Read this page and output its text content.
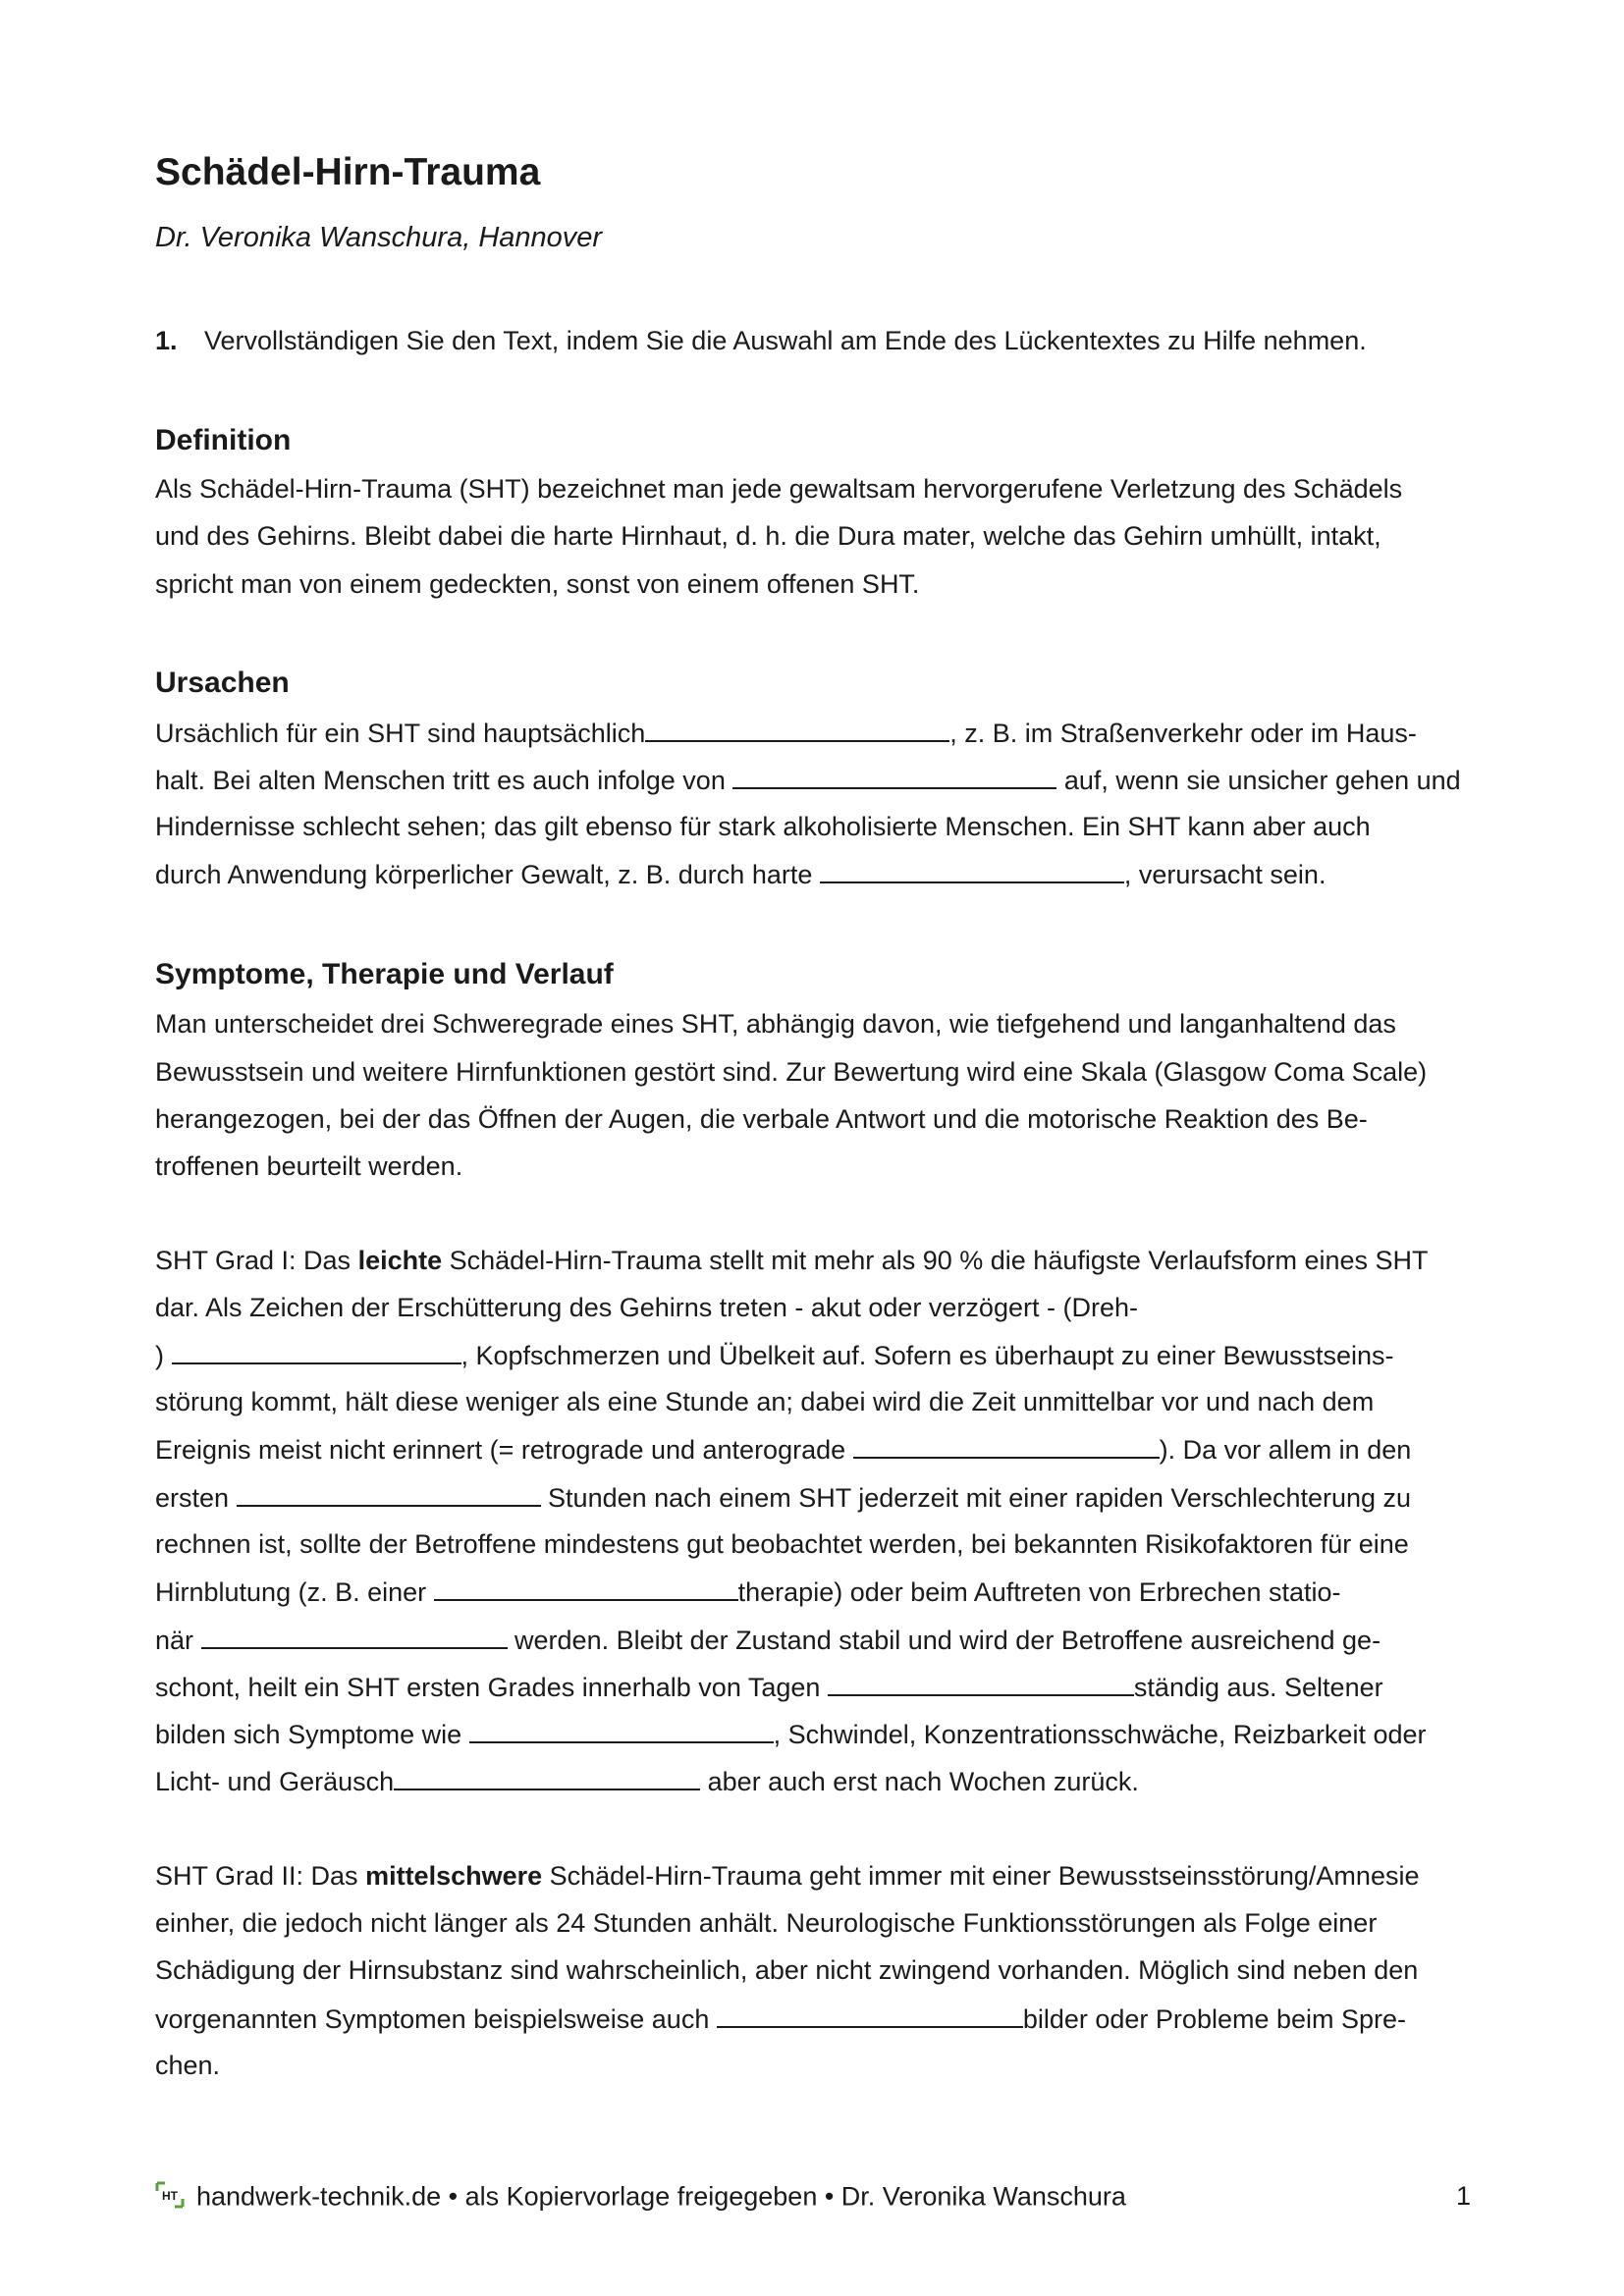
Schädel-Hirn-Trauma
Dr. Veronika Wanschura, Hannover
1. Vervollständigen Sie den Text, indem Sie die Auswahl am Ende des Lückentextes zu Hilfe nehmen.
Definition
Als Schädel-Hirn-Trauma (SHT) bezeichnet man jede gewaltsam hervorgerufene Verletzung des Schädels
und des Gehirns. Bleibt dabei die harte Hirnhaut, d. h. die Dura mater, welche das Gehirn umhüllt, intakt,
spricht man von einem gedeckten, sonst von einem offenen SHT.
Ursachen
Ursächlich für ein SHT sind hauptsächlich	, z. B. im Straßenverkehr oder im Haus-
halt. Bei alten Menschen tritt es auch infolge von	auf, wenn sie unsicher gehen und
Hindernisse schlecht sehen; das gilt ebenso für stark alkoholisierte Menschen. Ein SHT kann aber auch
durch Anwendung körperlicher Gewalt, z. B. durch harte	, verursacht sein.
Symptome, Therapie und Verlauf
Man unterscheidet drei Schweregrade eines SHT, abhängig davon, wie tiefgehend und langanhaltend das
Bewusstsein und weitere Hirnfunktionen gestört sind. Zur Bewertung wird eine Skala (Glasgow Coma Scale)
herangezogen, bei der das Öffnen der Augen, die verbale Antwort und die motorische Reaktion des Be-
troffenen beurteilt werden.
SHT Grad I: Das leichte Schädel-Hirn-Trauma stellt mit mehr als 90 % die häufigste Verlaufsform eines SHT
dar. Als Zeichen der Erschütterung des Gehirns treten - akut oder verzögert - (Dreh-
)	, Kopfschmerzen und Übelkeit auf. Sofern es überhaupt zu einer Bewusstseins-
störung kommt, hält diese weniger als eine Stunde an; dabei wird die Zeit unmittelbar vor und nach dem
Ereignis meist nicht erinnert (= retrograde und anterograde	). Da vor allem in den
ersten	Stunden nach einem SHT jederzeit mit einer rapiden Verschlechterung zu
rechnen ist, sollte der Betroffene mindestens gut beobachtet werden, bei bekannten Risikofaktoren für eine
Hirnblutung (z. B. einer	therapie) oder beim Auftreten von Erbrechen statio-
när	werden. Bleibt der Zustand stabil und wird der Betroffene ausreichend ge-
schont, heilt ein SHT ersten Grades innerhalb von Tagen	ständig aus. Seltener
bilden sich Symptome wie	, Schwindel, Konzentrationsschwäche, Reizbarkeit oder
Licht- und Geräusch	aber auch erst nach Wochen zurück.
SHT Grad II: Das mittelschwere Schädel-Hirn-Trauma geht immer mit einer Bewusstseinsstörung/Amnesie
einher, die jedoch nicht länger als 24 Stunden anhält. Neurologische Funktionsstörungen als Folge einer
Schädigung der Hirnsubstanz sind wahrscheinlich, aber nicht zwingend vorhanden. Möglich sind neben den
vorgenannten Symptomen beispielsweise auch	bilder oder Probleme beim Spre-
chen.
HT handwerk-technik.de • als Kopiervorlage freigegeben • Dr. Veronika Wanschura	1
